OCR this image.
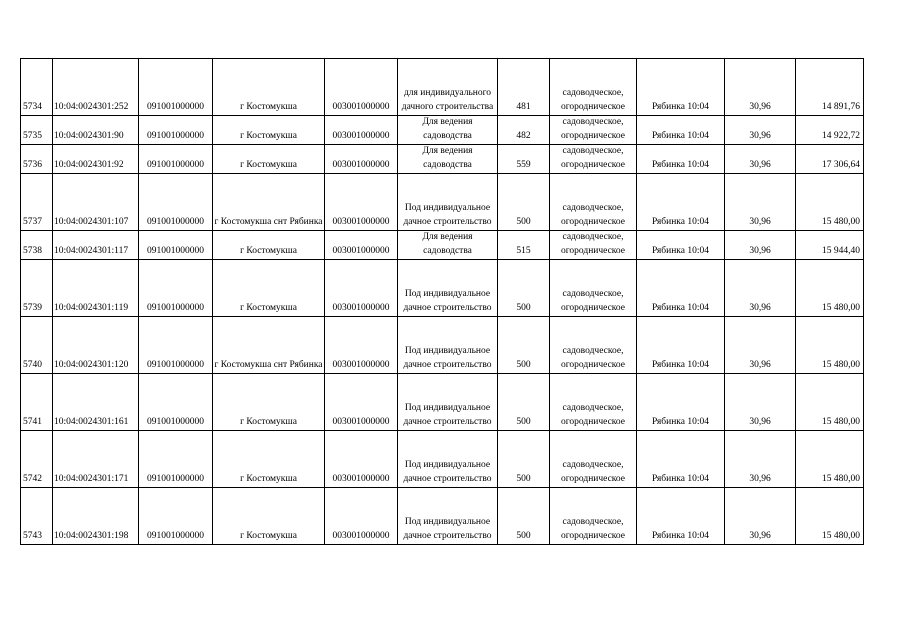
5734	10:04:0024301:252	091001000000	г Костомукша	003001000000	для индивидуального дачного строительства	481	садоводческое, огородническое	Рябинка 10:04	30,96	14 891,76
5735	10:04:0024301:90	091001000000	г Костомукша	003001000000	Для ведения садоводства	482	садоводческое, огородническое	Рябинка 10:04	30,96	14 922,72
5736	10:04:0024301:92	091001000000	г Костомукша	003001000000	Для ведения садоводства	559	садоводческое, огородническое	Рябинка 10:04	30,96	17 306,64
5737	10:04:0024301:107	091001000000	г Костомукша снт Рябинка	003001000000	Под индивидуальное дачное строительство	500	садоводческое, огородническое	Рябинка 10:04	30,96	15 480,00
5738	10:04:0024301:117	091001000000	г Костомукша	003001000000	Для ведения садоводства	515	садоводческое, огородническое	Рябинка 10:04	30,96	15 944,40
5739	10:04:0024301:119	091001000000	г Костомукша	003001000000	Под индивидуальное дачное строительство	500	садоводческое, огородническое	Рябинка 10:04	30,96	15 480,00
5740	10:04:0024301:120	091001000000	г Костомукша снт Рябинка	003001000000	Под индивидуальное дачное строительство	500	садоводческое, огородническое	Рябинка 10:04	30,96	15 480,00
5741	10:04:0024301:161	091001000000	г Костомукша	003001000000	Под индивидуальное дачное строительство	500	садоводческое, огородническое	Рябинка 10:04	30,96	15 480,00
5742	10:04:0024301:171	091001000000	г Костомукша	003001000000	Под индивидуальное дачное строительство	500	садоводческое, огородническое	Рябинка 10:04	30,96	15 480,00
5743	10:04:0024301:198	091001000000	г Костомукша	003001000000	Под индивидуальное дачное строительство	500	садоводческое, огородническое	Рябинка 10:04	30,96	15 480,00
